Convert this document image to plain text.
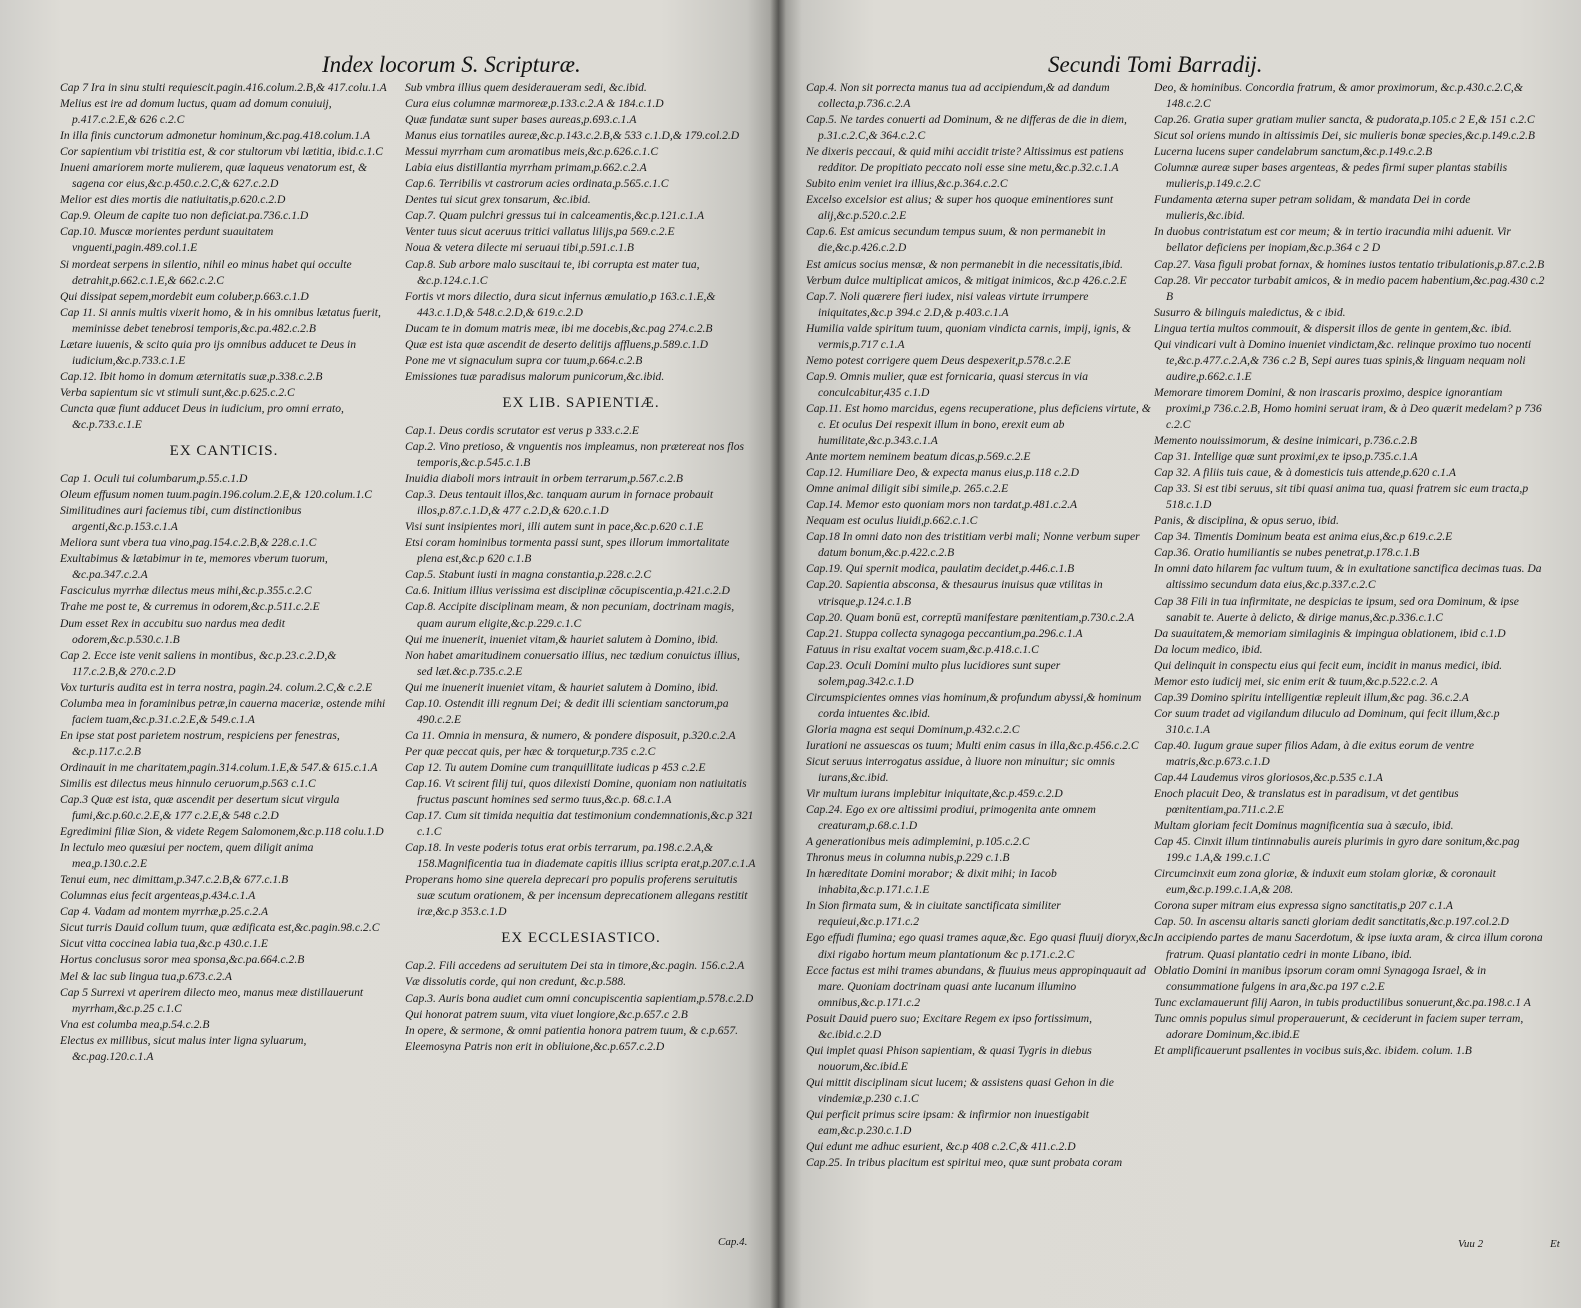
Index locorum S. Scripturæ.

Cap 7 Ira in sinu stulti requiescit.pagin.416.colum.2.B,& 417.colu.1.A

Melius est ire ad domum luctus, quam ad domum conuiuij, p.417.c.2.E,& 626 c.2.C

In illa finis cunctorum admonetur hominum,&c.pag.418.colum.1.A

Cor sapientium vbi tristitia est, & cor stultorum vbi lætitia, ibid.c.1.C

Inueni amariorem morte mulierem, quæ laqueus venatorum est, & sagena cor eius,&c.p.450.c.2.C,& 627.c.2.D

Melior est dies mortis die natiuitatis,p.620.c.2.D

Cap.9. Oleum de capite tuo non deficiat.pa.736.c.1.D

Cap.10. Muscæ morientes perdunt suauitatem vnguenti,pagin.489.col.1.E

Si mordeat serpens in silentio, nihil eo minus habet qui occulte detrahit,p.662.c.1.E,& 662.c.2.C

Qui dissipat sepem,mordebit eum coluber,p.663.c.1.D

Cap 11. Si annis multis vixerit homo, & in his omnibus lætatus fuerit, meminisse debet tenebrosi temporis,&c.pa.482.c.2.B

Lætare iuuenis, & scito quia pro ijs omnibus adducet te Deus in iudicium,&c.p.733.c.1.E

Cap.12. Ibit homo in domum æternitatis suæ,p.338.c.2.B

Verba sapientum sic vt stimuli sunt,&c.p.625.c.2.C

Cuncta quæ fiunt adducet Deus in iudicium, pro omni errato, &c.p.733.c.1.E

EX CANTICIS.

Cap 1. Oculi tui columbarum,p.55.c.1.D

Oleum effusum nomen tuum.pagin.196.colum.2.E,& 120.colum.1.C

Similitudines auri faciemus tibi, cum distinctionibus argenti,&c.p.153.c.1.A

Meliora sunt vbera tua vino,pag.154.c.2.B,& 228.c.1.C

Exultabimus & lætabimur in te, memores vberum tuorum, &c.pa.347.c.2.A

Fasciculus myrrhæ dilectus meus mihi,&c.p.355.c.2.C

Trahe me post te, & curremus in odorem,&c.p.511.c.2.E

Dum esset Rex in accubitu suo nardus mea dedit odorem,&c.p.530.c.1.B

Cap 2. Ecce iste venit saliens in montibus, &c.p.23.c.2.D,& 117.c.2.B,& 270.c.2.D

Vox turturis audita est in terra nostra, pagin.24. colum.2.C,& c.2.E

Columba mea in foraminibus petræ,in cauerna maceriæ, ostende mihi faciem tuam,&c.p.31.c.2.E,& 549.c.1.A

En ipse stat post parietem nostrum, respiciens per fenestras, &c.p.117.c.2.B

Ordinauit in me charitatem,pagin.314.colum.1.E,& 547.& 615.c.1.A

Similis est dilectus meus hinnulo ceruorum,p.563 c.1.C

Cap.3 Quæ est ista, quæ ascendit per desertum sicut virgula fumi,&c.p.60.c.2.E,& 177 c.2.E,& 548 c.2.D

Egredimini filiæ Sion, & videte Regem Salomonem,&c.p.118 colu.1.D

In lectulo meo quæsiui per noctem, quem diligit anima mea,p.130.c.2.E

Tenui eum, nec dimittam,p.347.c.2.B,& 677.c.1.B

Columnas eius fecit argenteas,p.434.c.1.A

Cap 4. Vadam ad montem myrrhæ,p.25.c.2.A

Sicut turris Dauid collum tuum, quæ ædificata est,&c.pagin.98.c.2.C

Sicut vitta coccinea labia tua,&c.p 430.c.1.E

Hortus conclusus soror mea sponsa,&c.pa.664.c.2.B

Mel & lac sub lingua tua,p.673.c.2.A

Cap 5 Surrexi vt aperirem dilecto meo, manus meæ distillauerunt myrrham,&c.p.25 c.1.C

Vna est columba mea,p.54.c.2.B

Electus ex millibus, sicut malus inter ligna syluarum, &c.pag.120.c.1.A

Sub vmbra illius quem desideraueram sedi, &c.ibid.

Cura eius columnæ marmoreæ,p.133.c.2.A & 184.c.1.D

Quæ fundatæ sunt super bases aureas,p.693.c.1.A

Manus eius tornatiles aureæ,&c.p.143.c.2.B,& 533 c.1.D,& 179.col.2.D

Messui myrrham cum aromatibus meis,&c.p.626.c.1.C

Labia eius distillantia myrrham primam,p.662.c.2.A

Cap.6. Terribilis vt castrorum acies ordinata,p.565.c.1.C

Dentes tui sicut grex tonsarum, &c.ibid.

Cap.7. Quam pulchri gressus tui in calceamentis,&c.p.121.c.1.A

Venter tuus sicut aceruus tritici vallatus lilijs,pa 569.c.2.E

Noua & vetera dilecte mi seruaui tibi,p.591.c.1.B

Cap.8. Sub arbore malo suscitaui te, ibi corrupta est mater tua, &c.p.124.c.1.C

Fortis vt mors dilectio, dura sicut infernus æmulatio,p 163.c.1.E,& 443.c.1.D,& 548.c.2.D,& 619.c.2.D

Ducam te in domum matris meæ, ibi me docebis,&c.pag 274.c.2.B

Quæ est ista quæ ascendit de deserto delitijs affluens,p.589.c.1.D

Pone me vt signaculum supra cor tuum,p.664.c.2.B

Emissiones tuæ paradisus malorum punicorum,&c.ibid.

EX LIB. SAPIENTIÆ.

Cap.1. Deus cordis scrutator est verus p 333.c.2.E

Cap.2. Vino pretioso, & vnguentis nos impleamus, non prætereat nos flos temporis,&c.p.545.c.1.B

Inuidia diaboli mors intrauit in orbem terrarum,p.567.c.2.B

Cap.3. Deus tentauit illos,&c. tanquam aurum in fornace probauit illos,p.87.c.1.D,& 477 c.2.D,& 620.c.1.D

Visi sunt insipientes mori, illi autem sunt in pace,&c.p.620 c.1.E

Etsi coram hominibus tormenta passi sunt, spes illorum immortalitate plena est,&c.p 620 c.1.B

Cap.5. Stabunt iusti in magna constantia,p.228.c.2.C

Ca.6. Initium illius verissima est disciplinæ cōcupiscentia,p.421.c.2.D

Cap.8. Accipite disciplinam meam, & non pecuniam, doctrinam magis, quam aurum eligite,&c.p.229.c.1.C

Qui me inuenerit, inueniet vitam,& hauriet salutem à Domino, ibid.

Non habet amaritudinem conuersatio illius, nec tædium conuictus illius, sed læt.&c.p.735.c.2.E

Qui me inuenerit inueniet vitam, & hauriet salutem à Domino, ibid.

Cap.10. Ostendit illi regnum Dei; & dedit illi scientiam sanctorum,pa 490.c.2.E

Ca 11. Omnia in mensura, & numero, & pondere disposuit, p.320.c.2.A

Per quæ peccat quis, per hæc & torquetur,p.735 c.2.C

Cap 12. Tu autem Domine cum tranquillitate iudicas p 453 c.2.E

Cap.16. Vt scirent filij tui, quos dilexisti Domine, quoniam non natiuitatis fructus pascunt homines sed sermo tuus,&c.p. 68.c.1.A

Cap.17. Cum sit timida nequitia dat testimonium condemnationis,&c.p 321 c.1.C

Cap.18. In veste poderis totus erat orbis terrarum, pa.198.c.2.A,& 158.Magnificentia tua in diademate capitis illius scripta erat,p.207.c.1.A

Properans homo sine querela deprecari pro populis proferens seruitutis suæ scutum orationem, & per incensum deprecationem allegans restitit iræ,&c.p 353.c.1.D

EX ECCLESIASTICO.

Cap.2. Fili accedens ad seruitutem Dei sta in timore,&c.pagin. 156.c.2.A

Væ dissolutis corde, qui non credunt, &c.p.588.

Cap.3. Auris bona audiet cum omni concupiscentia sapientiam,p.578.c.2.D

Qui honorat patrem suum, vita viuet longiore,&c.p.657.c 2.B

In opere, & sermone, & omni patientia honora patrem tuum, & c.p.657.

Eleemosyna Patris non erit in obliuione,&c.p.657.c.2.D

Cap.4.
Secundi Tomi Barradij.

Cap.4. Non sit porrecta manus tua ad accipiendum,& ad dandum collecta,p.736.c.2.A

Cap.5. Ne tardes conuerti ad Dominum, & ne differas de die in diem, p.31.c.2.C,& 364.c.2.C

Ne dixeris peccaui, & quid mihi accidit triste? Altissimus est patiens redditor. De propitiato peccato noli esse sine metu,&c.p.32.c.1.A

Subito enim veniet ira illius,&c.p.364.c.2.C

Excelso excelsior est alius; & super hos quoque eminentiores sunt alij,&c.p.520.c.2.E

Cap.6. Est amicus secundum tempus suum, & non permanebit in die,&c.p.426.c.2.D

Est amicus socius mensæ, & non permanebit in die necessitatis,ibid.

Verbum dulce multiplicat amicos, & mitigat inimicos, &c.p 426.c.2.E

Cap.7. Noli quærere fieri iudex, nisi valeas virtute irrumpere iniquitates,&c.p 394.c 2.D,& p.403.c.1.A

Humilia valde spiritum tuum, quoniam vindicta carnis, impij, ignis, & vermis,p.717 c.1.A

Nemo potest corrigere quem Deus despexerit,p.578.c.2.E

Cap.9. Omnis mulier, quæ est fornicaria, quasi stercus in via conculcabitur,435 c.1.D

Cap.11. Est homo marcidus, egens recuperatione, plus deficiens virtute, & c. Et oculus Dei respexit illum in bono, erexit eum ab humilitate,&c.p.343.c.1.A

Ante mortem neminem beatum dicas,p.569.c.2.E

Cap.12. Humiliare Deo, & expecta manus eius,p.118 c.2.D

Omne animal diligit sibi simile,p. 265.c.2.E

Cap.14. Memor esto quoniam mors non tardat,p.481.c.2.A

Nequam est oculus liuidi,p.662.c.1.C

Cap.18 In omni dato non des tristitiam verbi mali; Nonne verbum super datum bonum,&c.p.422.c.2.B

Cap.19. Qui spernit modica, paulatim decidet,p.446.c.1.B

Cap.20. Sapientia absconsa, & thesaurus inuisus quæ vtilitas in vtrisque,p.124.c.1.B

Cap.20. Quam bonū est, correptū manifestare pœnitentiam,p.730.c.2.A

Cap.21. Stuppa collecta synagoga peccantium,pa.296.c.1.A

Fatuus in risu exaltat vocem suam,&c.p.418.c.1.C

Cap.23. Oculi Domini multo plus lucidiores sunt super solem,pag.342.c.1.D

Circumspicientes omnes vias hominum,& profundum abyssi,& hominum corda intuentes &c.ibid.

Gloria magna est sequi Dominum,p.432.c.2.C

Iurationi ne assuescas os tuum; Multi enim casus in illa,&c.p.456.c.2.C

Sicut seruus interrogatus assidue, à liuore non minuitur; sic omnis iurans,&c.ibid.

Vir multum iurans implebitur iniquitate,&c.p.459.c.2.D

Cap.24. Ego ex ore altissimi prodiui, primogenita ante omnem creaturam,p.68.c.1.D

A generationibus meis adimplemini, p.105.c.2.C

Thronus meus in columna nubis,p.229 c.1.B

In hæreditate Domini morabor; & dixit mihi; in Iacob inhabita,&c.p.171.c.1.E

In Sion firmata sum, & in ciuitate sanctificata similiter requieui,&c.p.171.c.2

Ego effudi flumina; ego quasi trames aquæ,&c. Ego quasi fluuij dioryx,&c. dixi rigabo hortum meum plantationum &c p.171.c.2.C

Ecce factus est mihi trames abundans, & fluuius meus appropinquauit ad mare. Quoniam doctrinam quasi ante lucanum illumino omnibus,&c.p.171.c.2

Posuit Dauid puero suo; Excitare Regem ex ipso fortissimum, &c.ibid.c.2.D

Qui implet quasi Phison sapientiam, & quasi Tygris in diebus nouorum,&c.ibid.E

Qui mittit disciplinam sicut lucem; & assistens quasi Gehon in die vindemiæ,p.230 c.1.C

Qui perficit primus scire ipsam: & infirmior non inuestigabit eam,&c.p.230.c.1.D

Qui edunt me adhuc esurient, &c.p 408 c.2.C,& 411.c.2.D

Cap.25. In tribus placitum est spiritui meo, quæ sunt probata coram

Deo, & hominibus. Concordia fratrum, & amor proximorum, &c.p.430.c.2.C,& 148.c.2.C

Cap.26. Gratia super gratiam mulier sancta, & pudorata,p.105.c 2 E,& 151 c.2.C

Sicut sol oriens mundo in altissimis Dei, sic mulieris bonæ species,&c.p.149.c.2.B

Lucerna lucens super candelabrum sanctum,&c.p.149.c.2.B

Columnæ aureæ super bases argenteas, & pedes firmi super plantas stabilis mulieris,p.149.c.2.C

Fundamenta æterna super petram solidam, & mandata Dei in corde mulieris,&c.ibid.

In duobus contristatum est cor meum; & in tertio iracundia mihi aduenit. Vir bellator deficiens per inopiam,&c.p.364 c 2 D

Cap.27. Vasa figuli probat fornax, & homines iustos tentatio tribulationis,p.87.c.2.B

Cap.28. Vir peccator turbabit amicos, & in medio pacem habentium,&c.pag.430 c.2 B

Susurro & bilinguis maledictus, & c ibid.

Lingua tertia multos commouit, & dispersit illos de gente in gentem,&c. ibid.

Qui vindicari vult à Domino inueniet vindictam,&c. relinque proximo tuo nocenti te,&c.p.477.c.2.A,& 736 c.2 B, Sepi aures tuas spinis,& linguam nequam noli audire,p.662.c.1.E

Memorare timorem Domini, & non irascaris proximo, despice ignorantiam proximi,p 736.c.2.B, Homo homini seruat iram, & à Deo quærit medelam? p 736 c.2.C

Memento nouissimorum, & desine inimicari, p.736.c.2.B

Cap 31. Intellige quæ sunt proximi,ex te ipso,p.735.c.1.A

Cap 32. A filiis tuis caue, & à domesticis tuis attende,p.620 c.1.A

Cap 33. Si est tibi seruus, sit tibi quasi anima tua, quasi fratrem sic eum tracta,p 518.c.1.D

Panis, & disciplina, & opus seruo, ibid.

Cap 34. Timentis Dominum beata est anima eius,&c.p 619.c.2.E

Cap.36. Oratio humiliantis se nubes penetrat,p.178.c.1.B

In omni dato hilarem fac vultum tuum, & in exultatione sanctifica decimas tuas. Da altissimo secundum data eius,&c.p.337.c.2.C

Cap 38 Fili in tua infirmitate, ne despicias te ipsum, sed ora Dominum, & ipse sanabit te. Auerte à delicto, & dirige manus,&c.p.336.c.1.C

Da suauitatem,& memoriam similaginis & impingua oblationem, ibid c.1.D

Da locum medico, ibid.

Qui delinquit in conspectu eius qui fecit eum, incidit in manus medici, ibid.

Memor esto iudicij mei, sic enim erit & tuum,&c.p.522.c.2. A

Cap.39 Domino spiritu intelligentiæ repleuit illum,&c pag. 36.c.2.A

Cor suum tradet ad vigilandum diluculo ad Dominum, qui fecit illum,&c.p 310.c.1.A

Cap.40. Iugum graue super filios Adam, à die exitus eorum de ventre matris,&c.p.673.c.1.D

Cap.44 Laudemus viros gloriosos,&c.p.535 c.1.A

Enoch placuit Deo, & translatus est in paradisum, vt det gentibus pœnitentiam,pa.711.c.2.E

Multam gloriam fecit Dominus magnificentia sua à sæculo, ibid.

Cap 45. Cinxit illum tintinnabulis aureis plurimis in gyro dare sonitum,&c.pag 199.c 1.A,& 199.c.1.C

Circumcinxit eum zona gloriæ, & induxit eum stolam gloriæ, & coronauit eum,&c.p.199.c.1.A,& 208.

Corona super mitram eius expressa signo sanctitatis,p 207 c.1.A

Cap. 50. In ascensu altaris sancti gloriam dedit sanctitatis,&c.p.197.col.2.D

In accipiendo partes de manu Sacerdotum, & ipse iuxta aram, & circa illum corona fratrum. Quasi plantatio cedri in monte Libano, ibid.

Oblatio Domini in manibus ipsorum coram omni Synagoga Israel, & in consummatione fulgens in ara,&c.pa 197 c.2.E

Tunc exclamauerunt filij Aaron, in tubis productilibus sonuerunt,&c.pa.198.c.1 A

Tunc omnis populus simul properauerunt, & ceciderunt in faciem super terram, adorare Dominum,&c.ibid.E

Et amplificauerunt psallentes in vocibus suis,&c. ibidem. colum. 1.B

Vuu 2	Et
